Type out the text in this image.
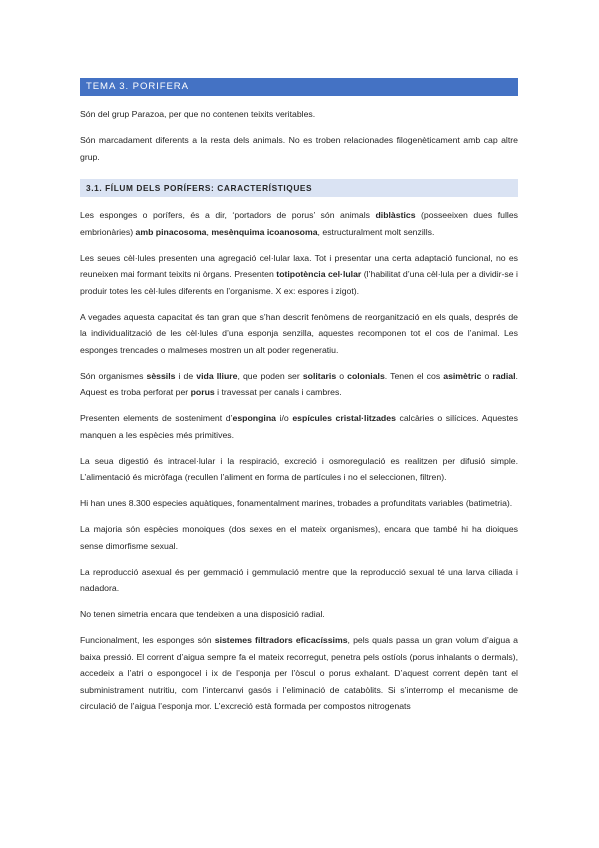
TEMA 3. PORIFERA

Són del grup Parazoa, per que no contenen teixits veritables.

Són marcadament diferents a la resta dels animals. No es troben relacionades filogenèticament amb cap altre grup.

3.1. FÍLUM DELS PORÍFERS: CARACTERÍSTIQUES

Les esponges o porífers, és a dir, ‘portadors de porus’ són animals diblàstics (posseeixen dues fulles embrionàries) amb pinacosoma, mesènquima icoanosoma, estructuralment molt senzills.

Les seues cèl·lules presenten una agregació cel·lular laxa. Tot i presentar una certa adaptació funcional, no es reuneixen mai formant teixits ni òrgans. Presenten totipotència cel·lular (l’habilitat d’una cèl·lula per a dividir-se i produir totes les cèl·lules diferents en l’organisme. X ex: espores i zigot).

A vegades aquesta capacitat és tan gran que s’han descrit fenòmens de reorganització en els quals, després de la individualització de les cèl·lules d’una esponja senzilla, aquestes recomponen tot el cos de l’animal. Les esponges trencades o malmeses mostren un alt poder regeneratiu.

Són organismes sèssils i de vida lliure, que poden ser solitaris o colonials. Tenen el cos asimètric o radial. Aquest es troba perforat per porus i travessat per canals i cambres.

Presenten elements de sosteniment d’espongina i/o espícules cristal·litzades calcàries o silícices. Aquestes manquen a les espècies més primitives.

La seua digestió és intracel·lular i la respiració, excreció i osmoregulació es realitzen per difusió simple. L’alimentació és micròfaga (recullen l’aliment en forma de partícules i no el seleccionen, filtren).

Hi han unes 8.300 especies aquàtiques, fonamentalment marines, trobades a profunditats variables (batimetria).

La majoria són espècies monoiques (dos sexes en el mateix organismes), encara que també hi ha dioiques sense dimorfisme sexual.

La reproducció asexual és per gemmació i gemmulació mentre que la reproducció sexual té una larva ciliada i nadadora.

No tenen simetria encara que tendeixen a una disposició radial.

Funcionalment, les esponges són sistemes filtradors eficacíssims, pels quals passa un gran volum d’aigua a baixa pressió. El corrent d’aigua sempre fa el mateix recorregut, penetra pels ostíols (porus inhalants o dermals), accedeix a l’atri o espongocel i ix de l’esponja per l’òscul o porus exhalant. D’aquest corrent depèn tant el subministrament nutritiu, com l’intercanvi gasós i l’eliminació de catabòlits. Si s’interromp el mecanisme de circulació de l’aigua l’esponja mor. L’excreció està formada per compostos nitrogenats
